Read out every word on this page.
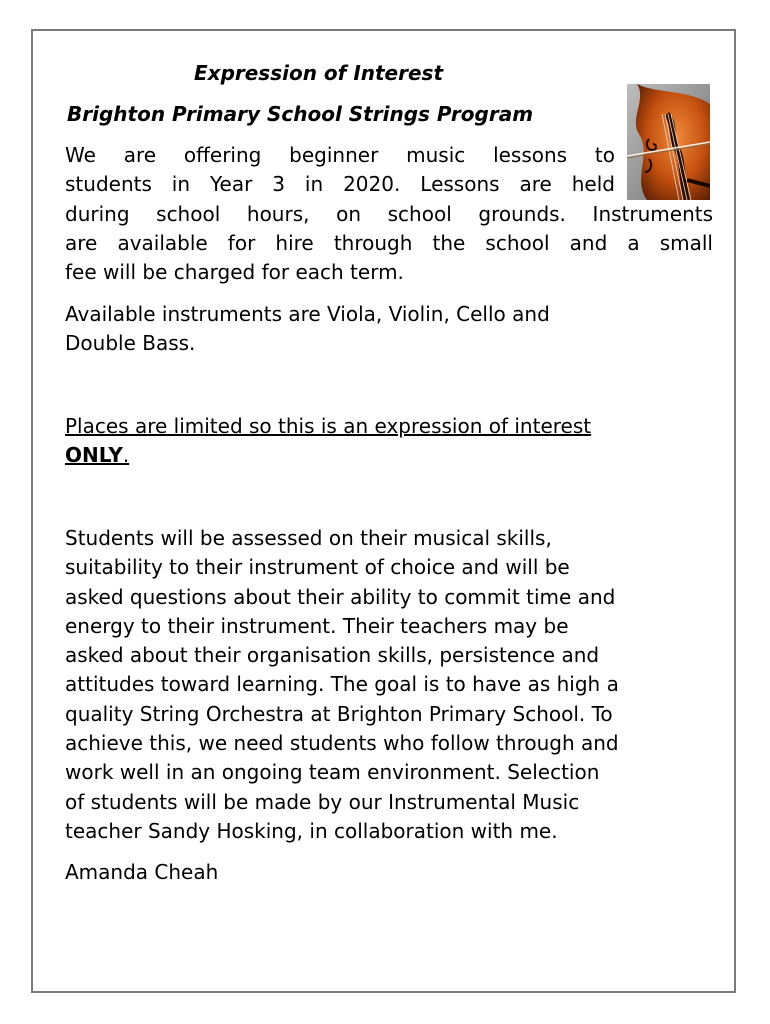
Expression of Interest
Brighton Primary School Strings Program
We are offering beginner music lessons to
students in Year 3 in 2020. Lessons are held
during school hours, on school grounds. Instruments
are available for hire through the school and a small
fee will be charged for each term.
Available instruments are Viola, Violin, Cello and
Double Bass.
Places are limited so this is an expression of interest
ONLY.
Students will be assessed on their musical skills,
suitability to their instrument of choice and will be
asked questions about their ability to commit time and
energy to their instrument. Their teachers may be
asked about their organisation skills, persistence and
attitudes toward learning. The goal is to have as high a
quality String Orchestra at Brighton Primary School. To
achieve this, we need students who follow through and
work well in an ongoing team environment. Selection
of students will be made by our Instrumental Music
teacher Sandy Hosking, in collaboration with me.
Amanda Cheah
